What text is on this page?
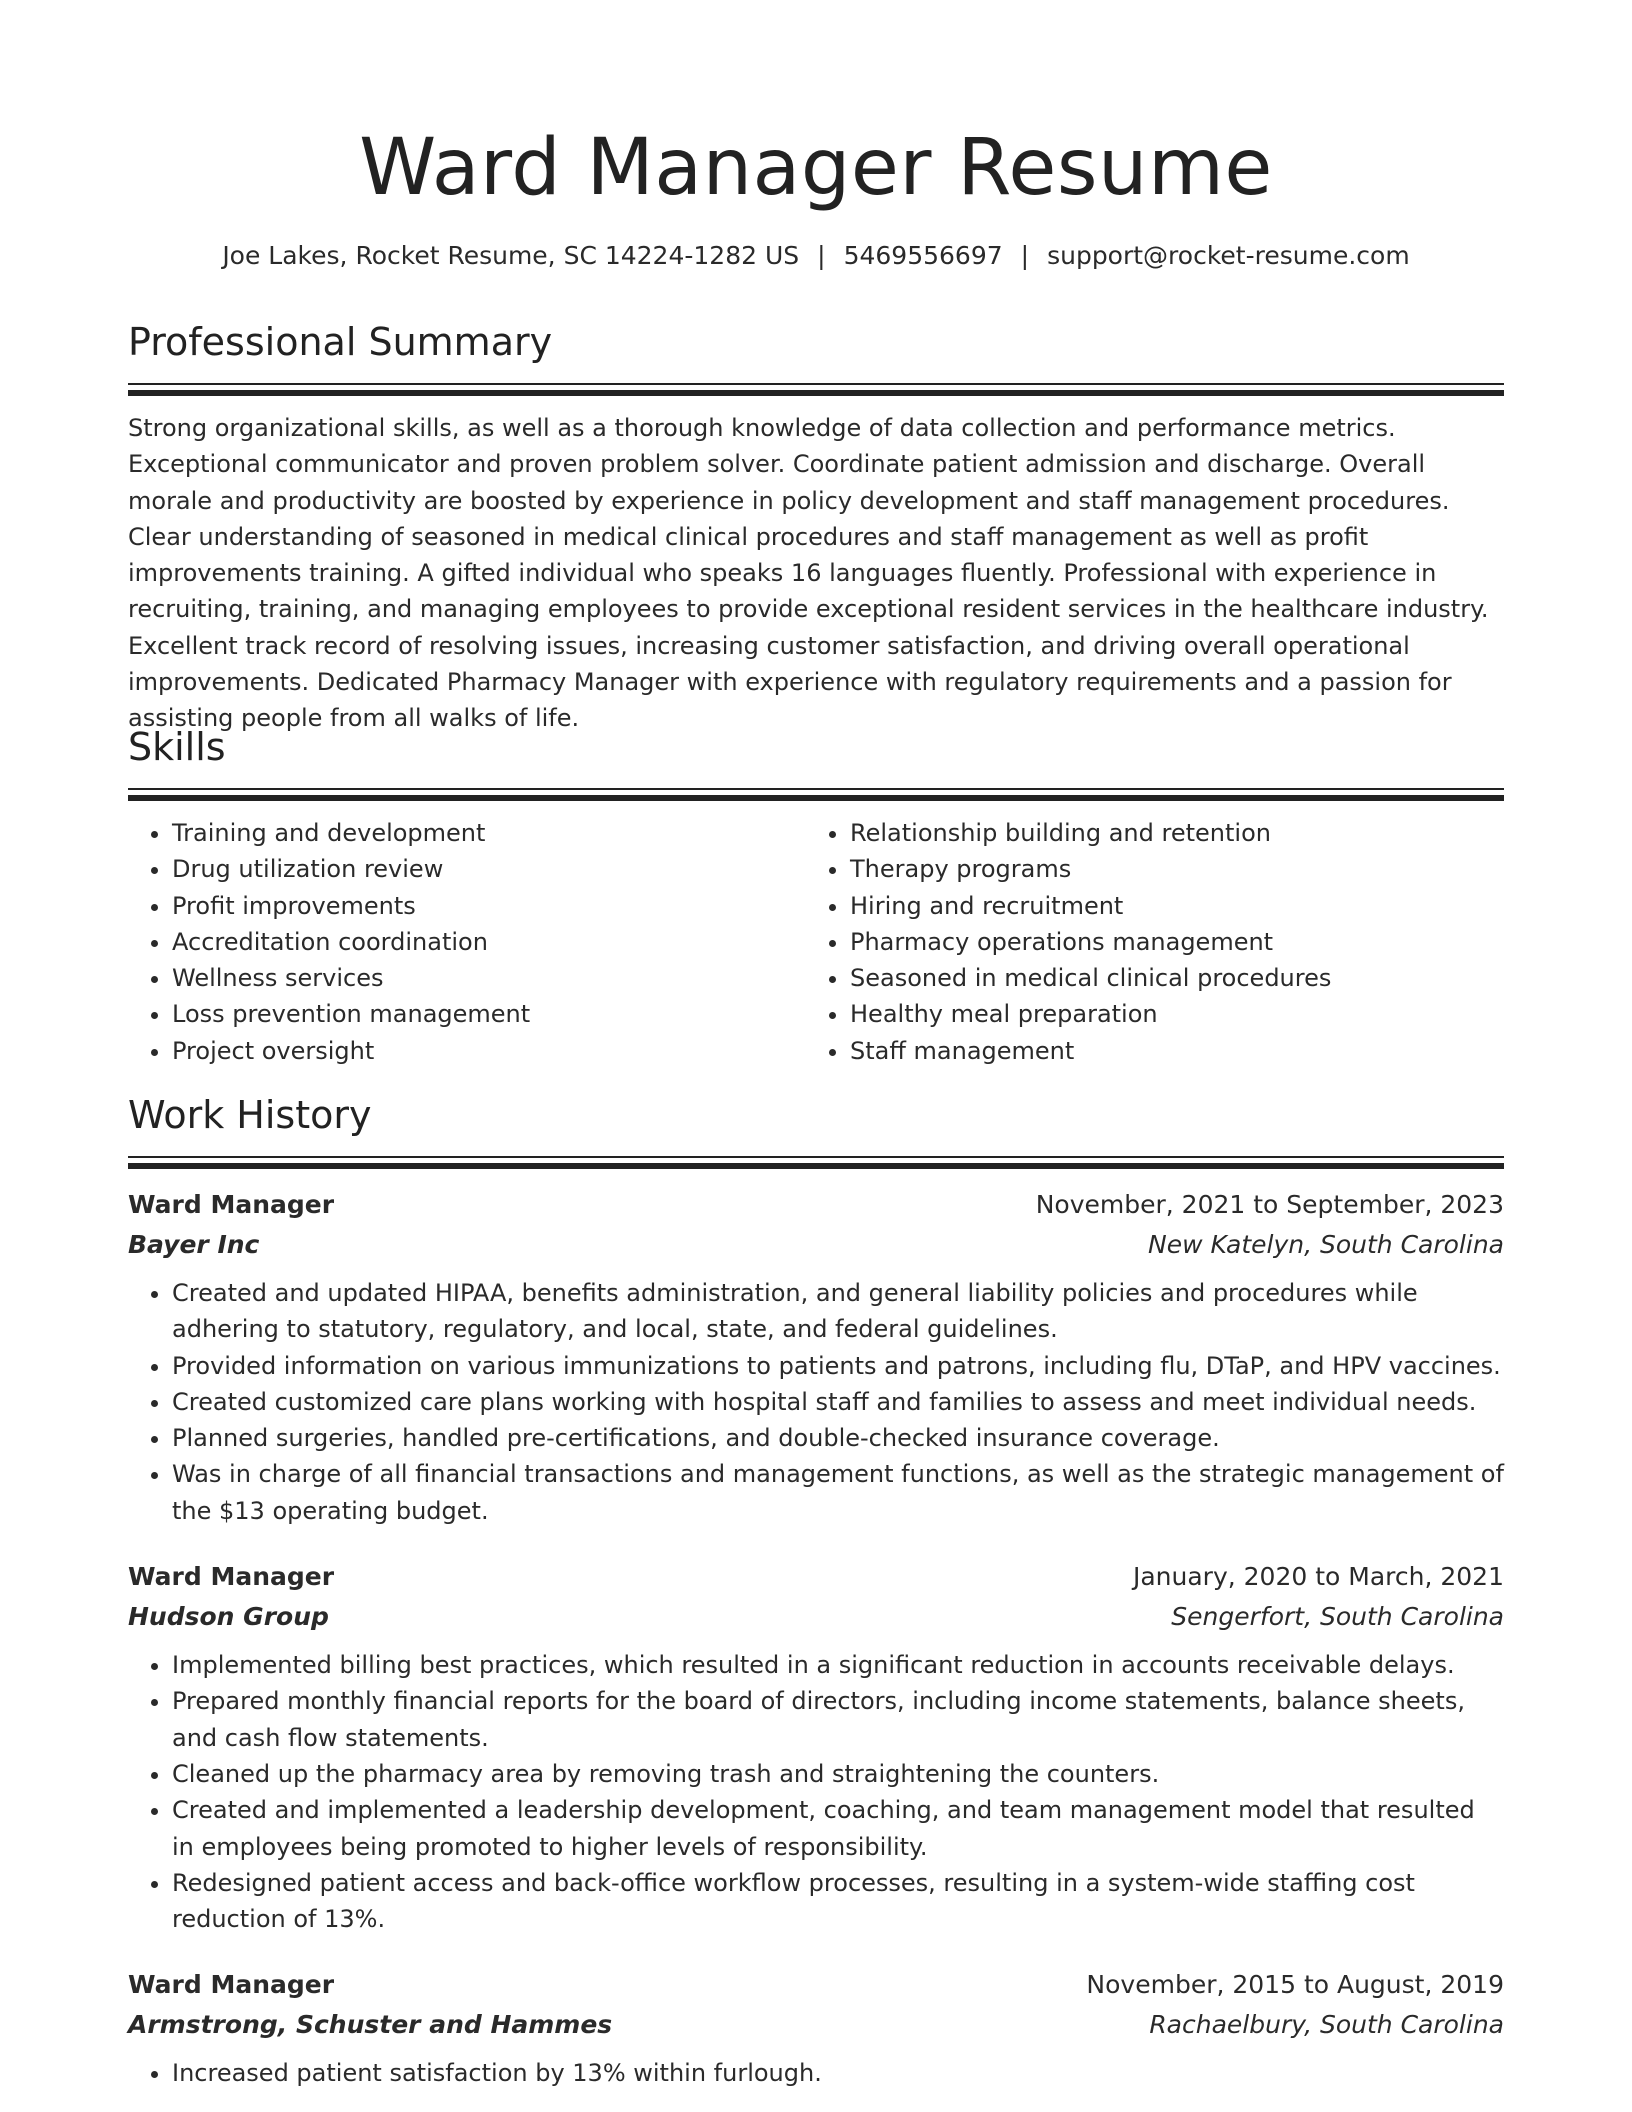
Ward Manager Resume
Joe Lakes, Rocket Resume, SC 14224-1282 US | 5469556697 | support@rocket-resume.com
Professional Summary

Strong organizational skills, as well as a thorough knowledge of data collection and performance metrics. Exceptional communicator and proven problem solver. Coordinate patient admission and discharge. Overall morale and productivity are boosted by experience in policy development and staff management procedures. Clear understanding of seasoned in medical clinical procedures and staff management as well as profit improvements training. A gifted individual who speaks 16 languages fluently. Professional with experience in recruiting, training, and managing employees to provide exceptional resident services in the healthcare industry. Excellent track record of resolving issues, increasing customer satisfaction, and driving overall operational improvements. Dedicated Pharmacy Manager with experience with regulatory requirements and a passion for assisting people from all walks of life.

Skills
• Training and development
• Drug utilization review
• Profit improvements
• Accreditation coordination
• Wellness services
• Loss prevention management
• Project oversight
• Relationship building and retention
• Therapy programs
• Hiring and recruitment
• Pharmacy operations management
• Seasoned in medical clinical procedures
• Healthy meal preparation
• Staff management
Work History
Ward Manager	November, 2021 to September, 2023
Bayer Inc	New Katelyn, South Carolina
• Created and updated HIPAA, benefits administration, and general liability policies and procedures while adhering to statutory, regulatory, and local, state, and federal guidelines.
• Provided information on various immunizations to patients and patrons, including flu, DTaP, and HPV vaccines.
• Created customized care plans working with hospital staff and families to assess and meet individual needs.
• Planned surgeries, handled pre-certifications, and double-checked insurance coverage.
• Was in charge of all financial transactions and management functions, as well as the strategic management of the $13 operating budget.
Ward Manager	January, 2020 to March, 2021
Hudson Group	Sengerfort, South Carolina
• Implemented billing best practices, which resulted in a significant reduction in accounts receivable delays.
• Prepared monthly financial reports for the board of directors, including income statements, balance sheets, and cash flow statements.
• Cleaned up the pharmacy area by removing trash and straightening the counters.
• Created and implemented a leadership development, coaching, and team management model that resulted in employees being promoted to higher levels of responsibility.
• Redesigned patient access and back-office workflow processes, resulting in a system-wide staffing cost reduction of 13%.
Ward Manager	November, 2015 to August, 2019
Armstrong, Schuster and Hammes	Rachaelbury, South Carolina
• Increased patient satisfaction by 13% within furlough.
